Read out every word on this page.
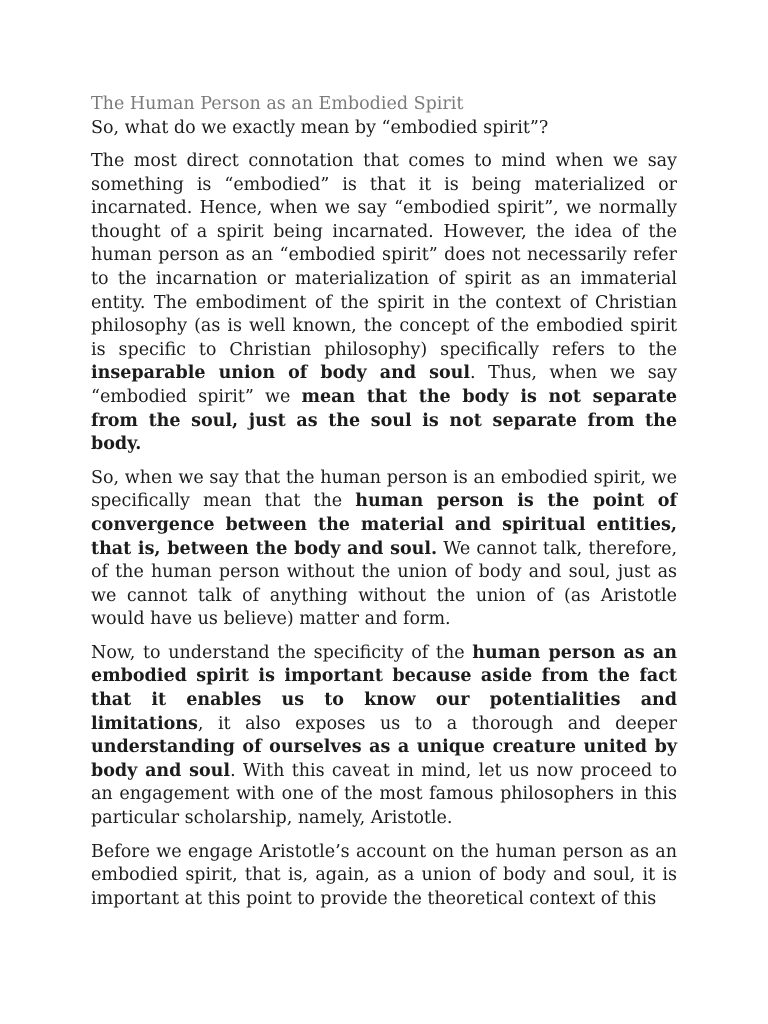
The Human Person as an Embodied Spirit
So, what do we exactly mean by “embodied spirit”?

The most direct connotation that comes to mind when we say something is “embodied” is that it is being materialized or incarnated. Hence, when we say “embodied spirit”, we normally thought of a spirit being incarnated. However, the idea of the human person as an “embodied spirit” does not necessarily refer to the incarnation or materialization of spirit as an immaterial entity. The embodiment of the spirit in the context of Christian philosophy (as is well known, the concept of the embodied spirit is specific to Christian philosophy) specifically refers to the inseparable union of body and soul. Thus, when we say “embodied spirit” we mean that the body is not separate from the soul, just as the soul is not separate from the body.

So, when we say that the human person is an embodied spirit, we specifically mean that the human person is the point of convergence between the material and spiritual entities, that is, between the body and soul. We cannot talk, therefore, of the human person without the union of body and soul, just as we cannot talk of anything without the union of (as Aristotle would have us believe) matter and form.

Now, to understand the specificity of the human person as an embodied spirit is important because aside from the fact that it enables us to know our potentialities and limitations, it also exposes us to a thorough and deeper understanding of ourselves as a unique creature united by body and soul. With this caveat in mind, let us now proceed to an engagement with one of the most famous philosophers in this particular scholarship, namely, Aristotle.

Before we engage Aristotle’s account on the human person as an embodied spirit, that is, again, as a union of body and soul, it is important at this point to provide the theoretical context of this
